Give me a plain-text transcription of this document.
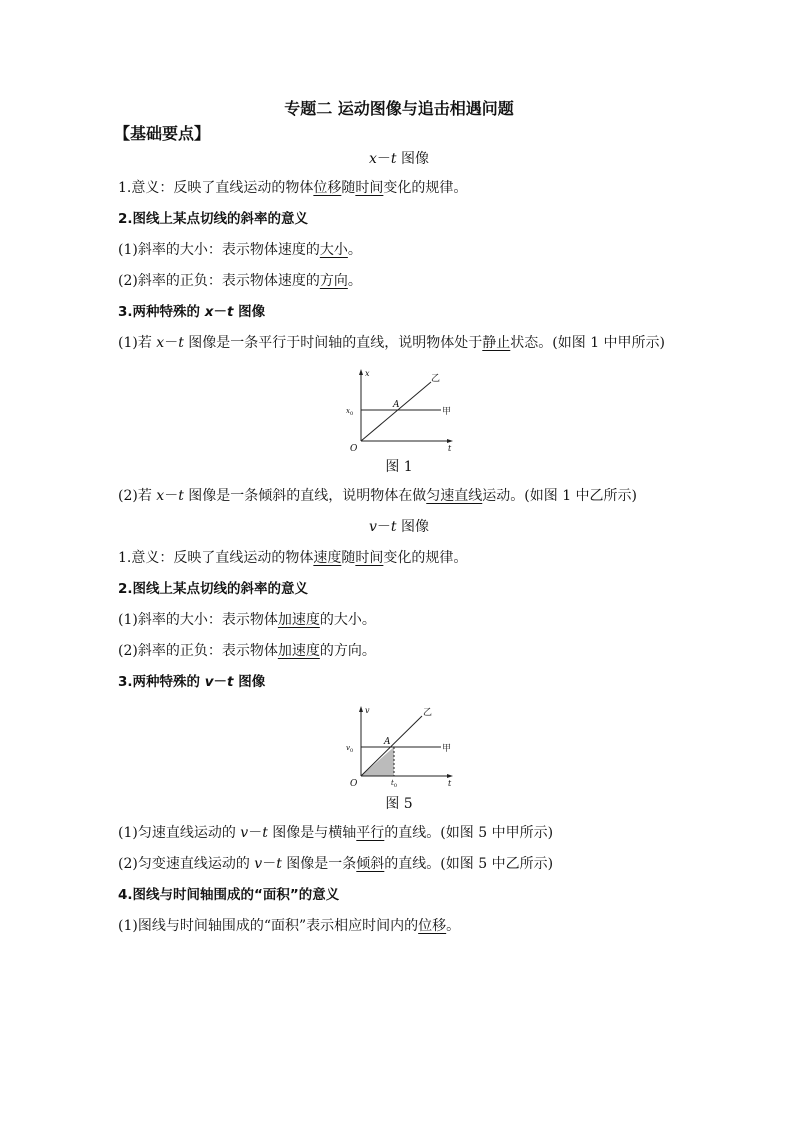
专题二 运动图像与追击相遇问题
【基础要点】
x－t 图像
1.意义：反映了直线运动的物体位移随时间变化的规律。
2.图线上某点切线的斜率的意义
(1)斜率的大小：表示物体速度的大小。
(2)斜率的正负：表示物体速度的方向。
3.两种特殊的 x－t 图像
(1)若 x－t 图像是一条平行于时间轴的直线，说明物体处于静止状态。(如图 1 中甲所示)
x
t
O
A
$x_0$	甲
乙
图 1
(2)若 x－t 图像是一条倾斜的直线，说明物体在做匀速直线运动。(如图 1 中乙所示)
v－t 图像
1.意义：反映了直线运动的物体速度随时间变化的规律。
2.图线上某点切线的斜率的意义
(1)斜率的大小：表示物体加速度的大小。
(2)斜率的正负：表示物体加速度的方向。
3.两种特殊的 v－t 图像
v
t
O
A
$v_0$
$t_0$
甲
乙
图 5
(1)匀速直线运动的 v－t 图像是与横轴平行的直线。(如图 5 中甲所示)
(2)匀变速直线运动的 v－t 图像是一条倾斜的直线。(如图 5 中乙所示)
4.图线与时间轴围成的“面积”的意义
(1)图线与时间轴围成的“面积”表示相应时间内的位移。
